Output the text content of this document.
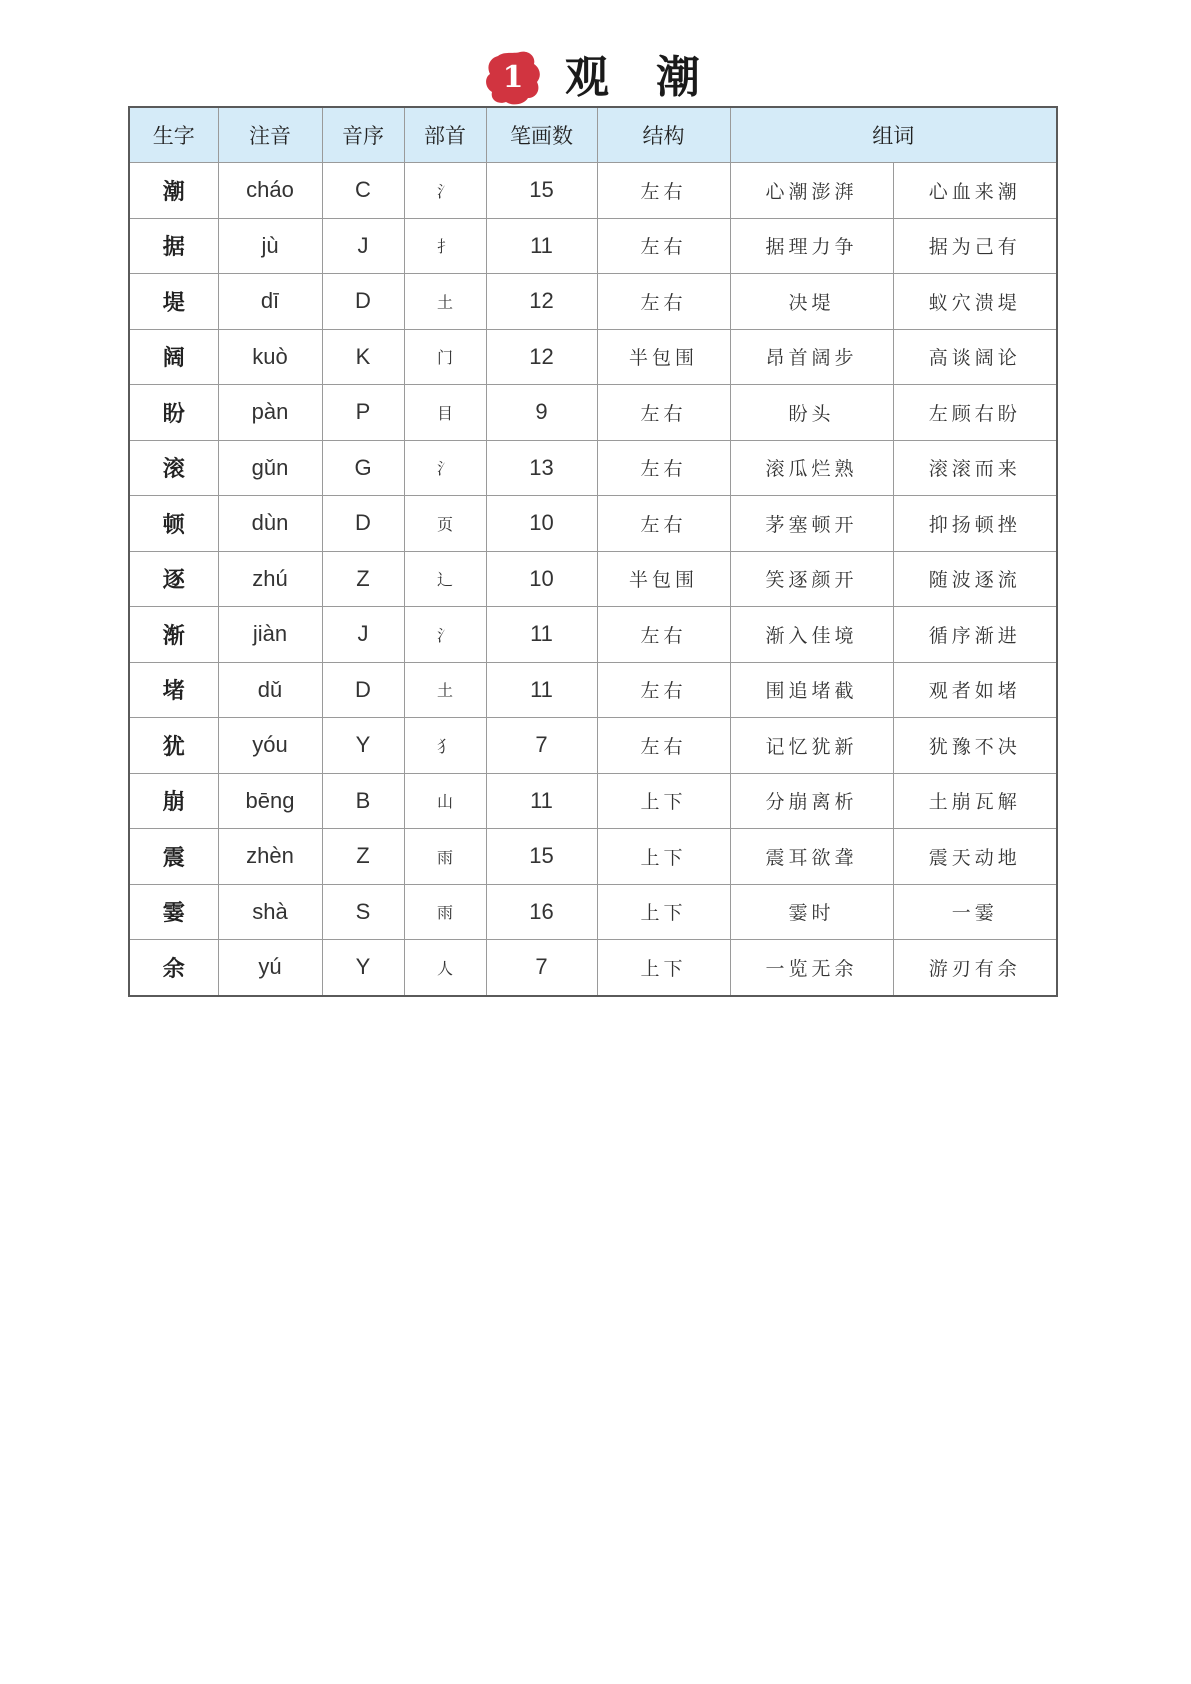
1 观 潮
生字	注音	音序	部首	笔画数	结构	组词	
潮	cháo	C	氵	15	左右	心潮澎湃	心血来潮
据	jù	J	扌	11	左右	据理力争	据为己有
堤	dī	D	土	12	左右	决堤	蚁穴溃堤
阔	kuò	K	门	12	半包围	昂首阔步	高谈阔论
盼	pàn	P	目	9	左右	盼头	左顾右盼
滚	gǔn	G	氵	13	左右	滚瓜烂熟	滚滚而来
顿	dùn	D	页	10	左右	茅塞顿开	抑扬顿挫
逐	zhú	Z	辶	10	半包围	笑逐颜开	随波逐流
渐	jiàn	J	氵	11	左右	渐入佳境	循序渐进
堵	dǔ	D	土	11	左右	围追堵截	观者如堵
犹	yóu	Y	犭	7	左右	记忆犹新	犹豫不决
崩	bēng	B	山	11	上下	分崩离析	土崩瓦解
震	zhèn	Z	雨	15	上下	震耳欲聋	震天动地
霎	shà	S	雨	16	上下	霎时	一霎
余	yú	Y	人	7	上下	一览无余	游刃有余
